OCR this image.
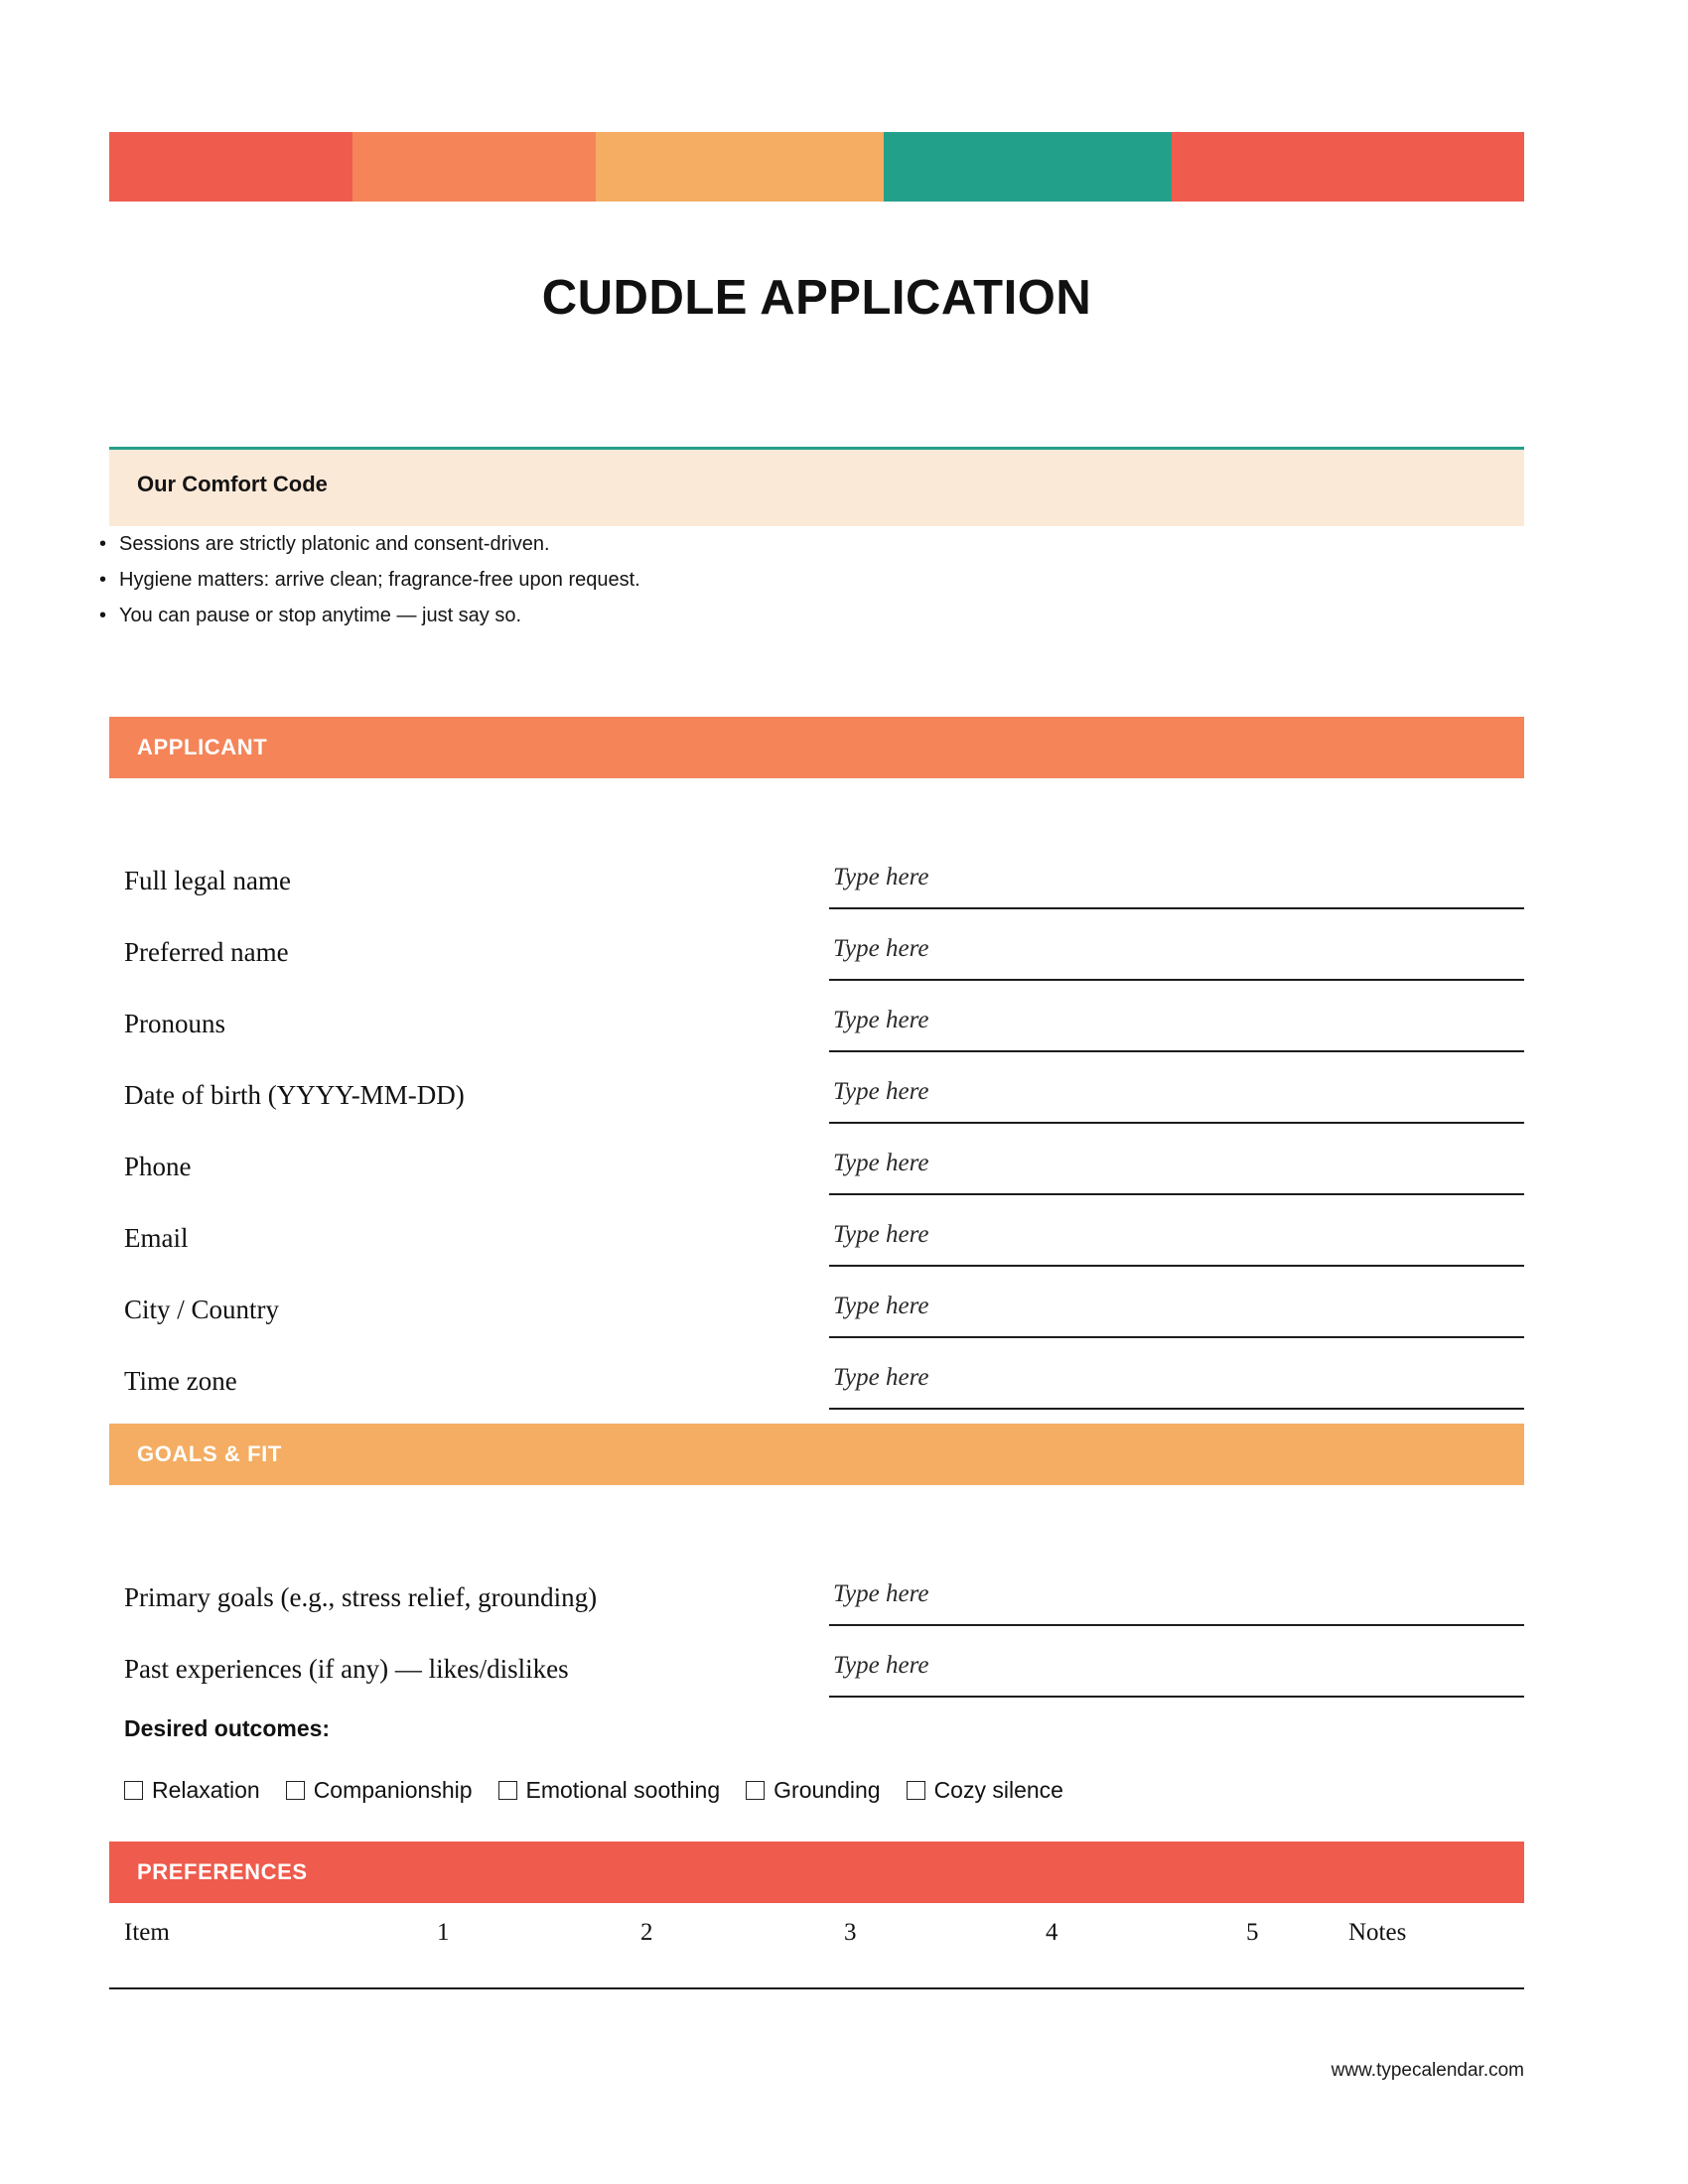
CUDDLE APPLICATION
Our Comfort Code
• Sessions are strictly platonic and consent-driven.
• Hygiene matters: arrive clean; fragrance-free upon request.
• You can pause or stop anytime — just say so.
APPLICANT
Full legal name	Type here
Preferred name	Type here
Pronouns	Type here
Date of birth (YYYY-MM-DD)	Type here
Phone	Type here
Email	Type here
City / Country	Type here
Time zone	Type here
GOALS & FIT
Primary goals (e.g., stress relief, grounding)	Type here
Past experiences (if any) — likes/dislikes	Type here
Desired outcomes:
Relaxation Companionship Emotional soothing Grounding Cozy silence
PREFERENCES
Item	1	2	3	4	5	Notes
www.typecalendar.com
